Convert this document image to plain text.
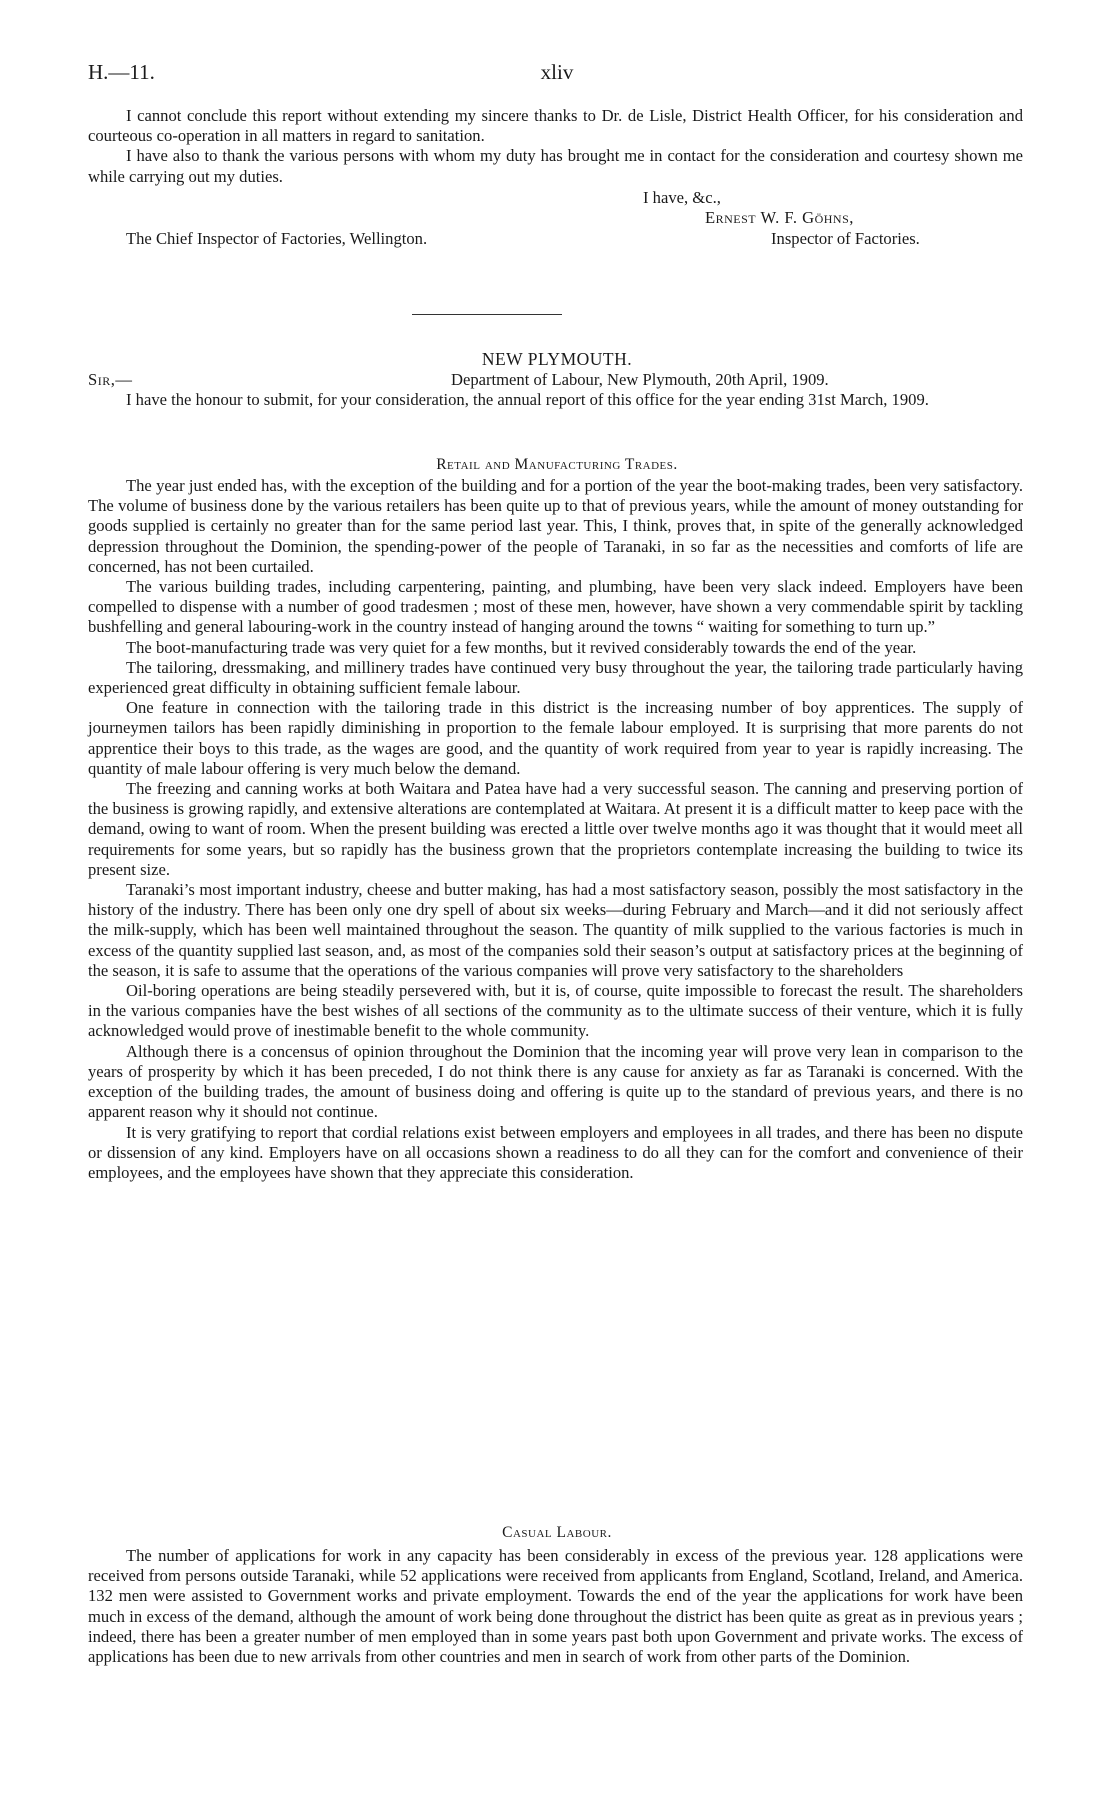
H.—11.	xliv

I cannot conclude this report without extending my sincere thanks to Dr. de Lisle, District Health Officer, for his consideration and courteous co-operation in all matters in regard to sanitation.

I have also to thank the various persons with whom my duty has brought me in contact for the consideration and courtesy shown me while carrying out my duties.

I have, &c.,
Ernest W. F. Göhns,
The Chief Inspector of Factories, Wellington.	Inspector of Factories.
NEW PLYMOUTH.
Sir,—	Department of Labour, New Plymouth, 20th April, 1909.

I have the honour to submit, for your consideration, the annual report of this office for the year ending 31st March, 1909.

Retail and Manufacturing Trades.

The year just ended has, with the exception of the building and for a portion of the year the boot-making trades, been very satisfactory. The volume of business done by the various retailers has been quite up to that of previous years, while the amount of money outstanding for goods supplied is certainly no greater than for the same period last year. This, I think, proves that, in spite of the generally acknowledged depression throughout the Dominion, the spending-power of the people of Taranaki, in so far as the necessities and comforts of life are concerned, has not been curtailed.

The various building trades, including carpentering, painting, and plumbing, have been very slack indeed. Employers have been compelled to dispense with a number of good tradesmen ; most of these men, however, have shown a very commendable spirit by tackling bushfelling and general labouring-work in the country instead of hanging around the towns “ waiting for something to turn up.”

The boot-manufacturing trade was very quiet for a few months, but it revived considerably towards the end of the year.

The tailoring, dressmaking, and millinery trades have continued very busy throughout the year, the tailoring trade particularly having experienced great difficulty in obtaining sufficient female labour.

One feature in connection with the tailoring trade in this district is the increasing number of boy apprentices. The supply of journeymen tailors has been rapidly diminishing in proportion to the female labour employed. It is surprising that more parents do not apprentice their boys to this trade, as the wages are good, and the quantity of work required from year to year is rapidly increasing. The quantity of male labour offering is very much below the demand.

The freezing and canning works at both Waitara and Patea have had a very successful season. The canning and preserving portion of the business is growing rapidly, and extensive alterations are contemplated at Waitara. At present it is a difficult matter to keep pace with the demand, owing to want of room. When the present building was erected a little over twelve months ago it was thought that it would meet all requirements for some years, but so rapidly has the business grown that the proprietors contemplate increasing the building to twice its present size.

Taranaki’s most important industry, cheese and butter making, has had a most satisfactory season, possibly the most satisfactory in the history of the industry. There has been only one dry spell of about six weeks—during February and March—and it did not seriously affect the milk-supply, which has been well maintained throughout the season. The quantity of milk supplied to the various factories is much in excess of the quantity supplied last season, and, as most of the companies sold their season’s output at satisfactory prices at the beginning of the season, it is safe to assume that the operations of the various companies will prove very satisfactory to the shareholders

Oil-boring operations are being steadily persevered with, but it is, of course, quite impossible to forecast the result. The shareholders in the various companies have the best wishes of all sections of the community as to the ultimate success of their venture, which it is fully acknowledged would prove of inestimable benefit to the whole community.

Although there is a concensus of opinion throughout the Dominion that the incoming year will prove very lean in comparison to the years of prosperity by which it has been preceded, I do not think there is any cause for anxiety as far as Taranaki is concerned. With the exception of the building trades, the amount of business doing and offering is quite up to the standard of previous years, and there is no apparent reason why it should not continue.

It is very gratifying to report that cordial relations exist between employers and employees in all trades, and there has been no dispute or dissension of any kind. Employers have on all occasions shown a readiness to do all they can for the comfort and convenience of their employees, and the employees have shown that they appreciate this consideration.

Casual Labour.

The number of applications for work in any capacity has been considerably in excess of the previous year. 128 applications were received from persons outside Taranaki, while 52 applications were received from applicants from England, Scotland, Ireland, and America. 132 men were assisted to Government works and private employment. Towards the end of the year the applications for work have been much in excess of the demand, although the amount of work being done throughout the district has been quite as great as in previous years ; indeed, there has been a greater number of men employed than in some years past both upon Government and private works. The excess of applications has been due to new arrivals from other countries and men in search of work from other parts of the Dominion.
